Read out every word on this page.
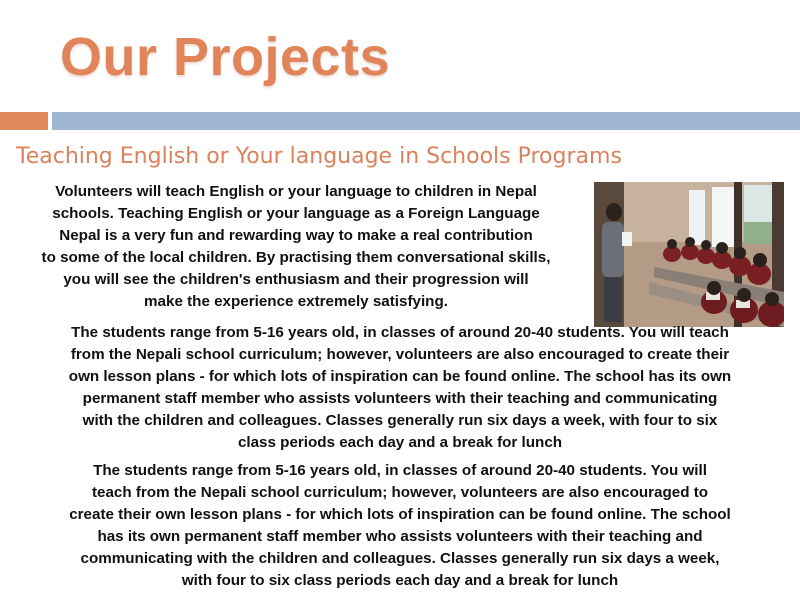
Our Projects
Teaching English or Your language in Schools Programs
Volunteers will teach English or your language to children in Nepal
schools. Teaching English or your language as a Foreign Language
Nepal is a very fun and rewarding way to make a real contribution
to some of the local children. By practising them conversational skills,
you will see the children's enthusiasm and their progression will
make the experience extremely satisfying.
The students range from 5-16 years old, in classes of around 20-40 students. You will teach
from the Nepali school curriculum; however, volunteers are also encouraged to create their
own lesson plans - for which lots of inspiration can be found online. The school has its own
permanent staff member who assists volunteers with their teaching and communicating
with the children and colleagues. Classes generally run six days a week, with four to six
class periods each day and a break for lunch
The students range from 5-16 years old, in classes of around 20-40 students. You will
teach from the Nepali school curriculum; however, volunteers are also encouraged to
create their own lesson plans - for which lots of inspiration can be found online. The school
has its own permanent staff member who assists volunteers with their teaching and
communicating with the children and colleagues. Classes generally run six days a week,
with four to six class periods each day and a break for lunch
